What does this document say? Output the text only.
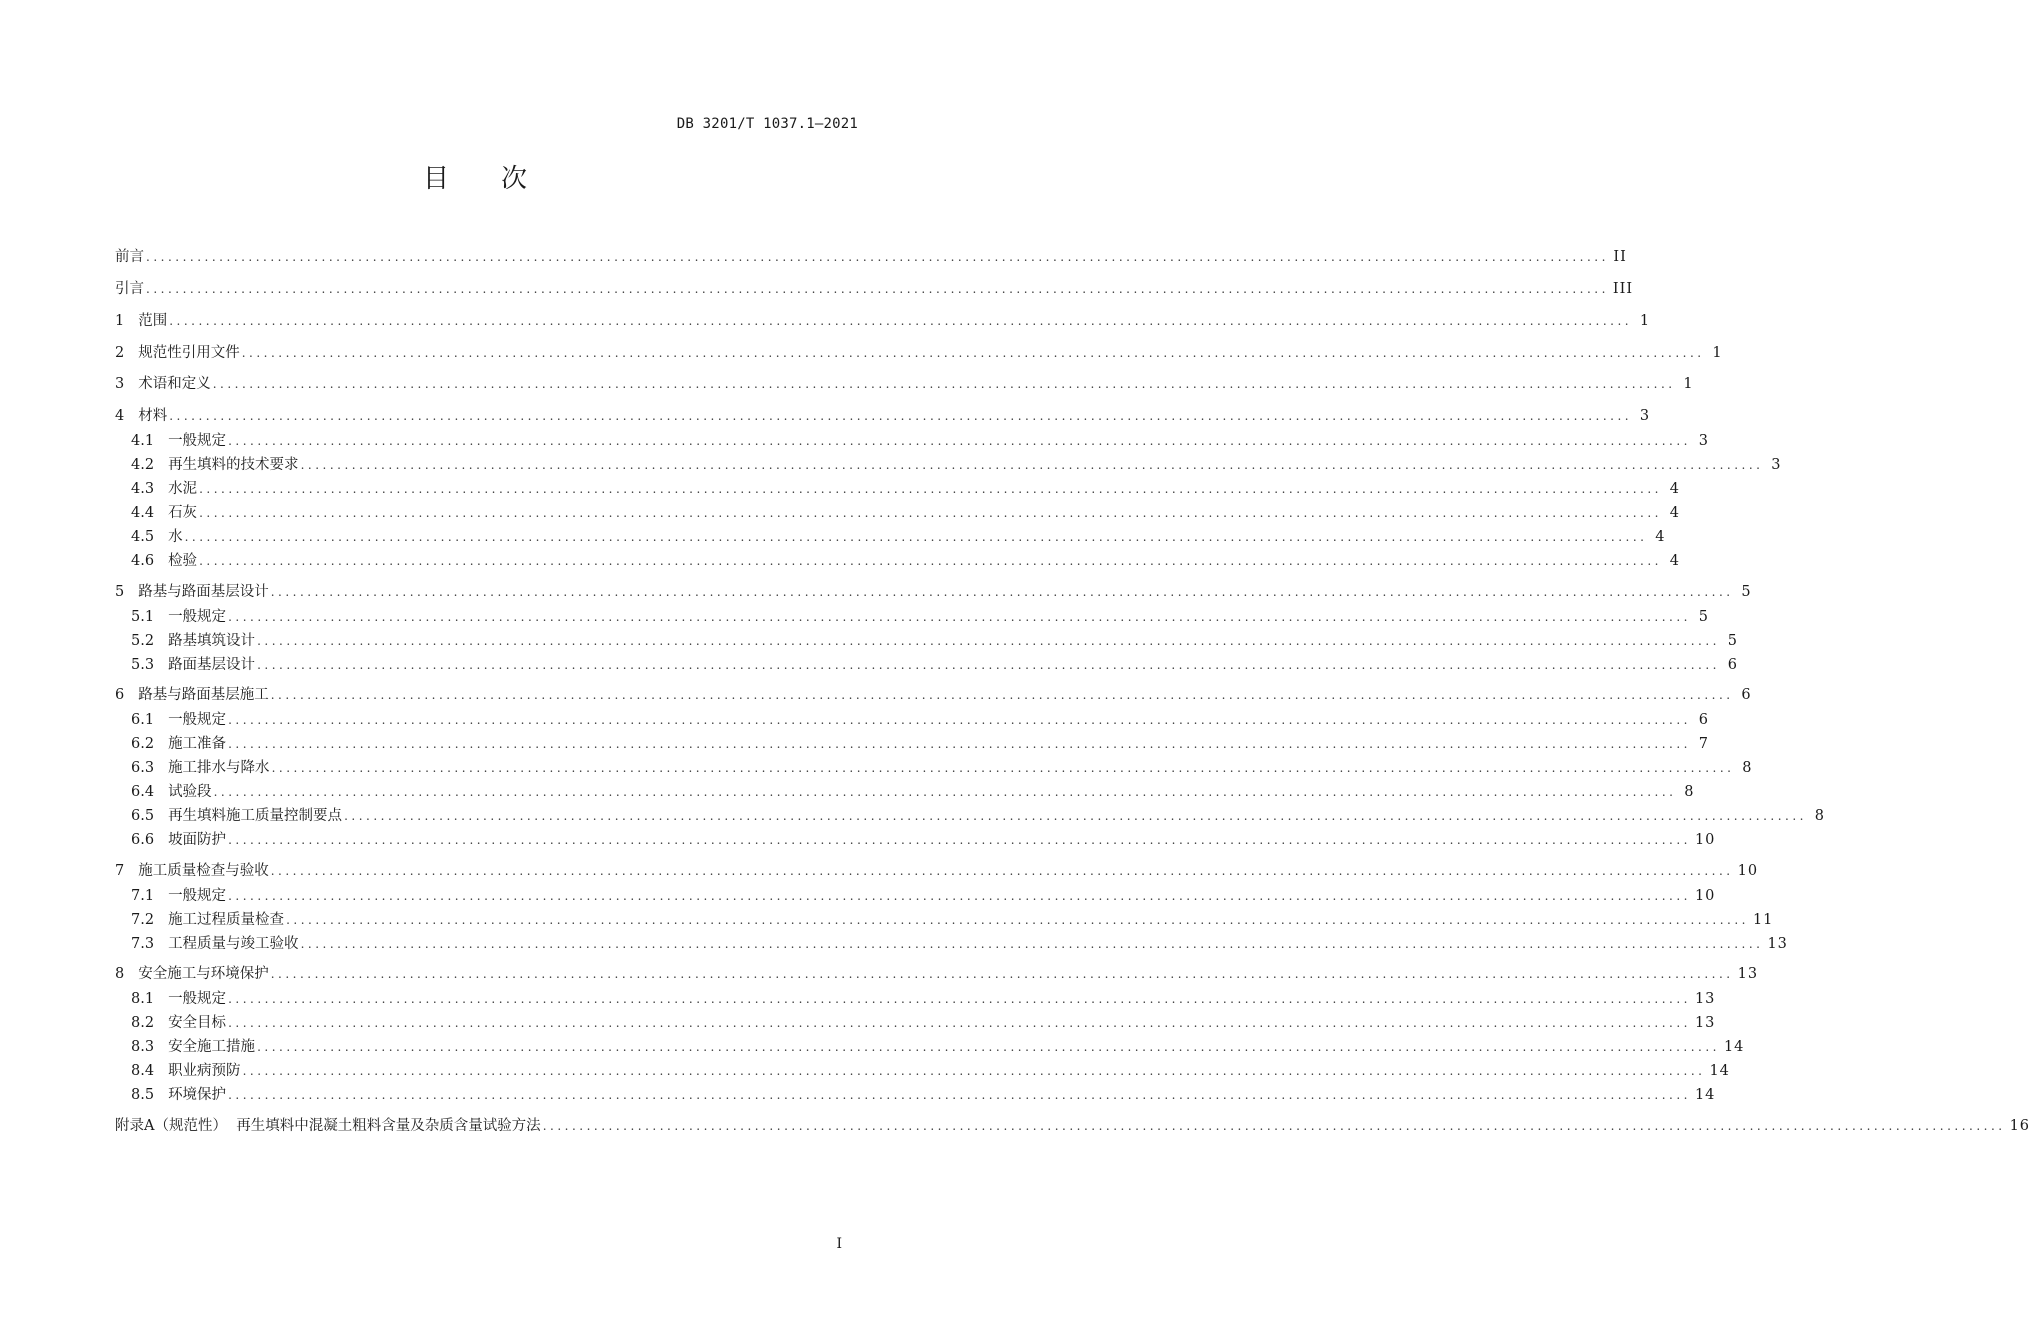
DB 3201/T 1037.1—2021
目次
前言 ........................................................................................................................................................................................................ II
引言 ........................................................................................................................................................................................................ III
1 范围 ........................................................................................................................................................................................................ 1
2 规范性引用文件 ........................................................................................................................................................................................................ 1
3 术语和定义 ........................................................................................................................................................................................................ 1
4 材料 ........................................................................................................................................................................................................ 3
4.1 一般规定 ........................................................................................................................................................................................................ 3
4.2 再生填料的技术要求 ........................................................................................................................................................................................................ 3
4.3 水泥 ........................................................................................................................................................................................................ 4
4.4 石灰 ........................................................................................................................................................................................................ 4
4.5 水 ........................................................................................................................................................................................................ 4
4.6 检验 ........................................................................................................................................................................................................ 4
5 路基与路面基层设计 ........................................................................................................................................................................................................ 5
5.1 一般规定 ........................................................................................................................................................................................................ 5
5.2 路基填筑设计 ........................................................................................................................................................................................................ 5
5.3 路面基层设计 ........................................................................................................................................................................................................ 6
6 路基与路面基层施工 ........................................................................................................................................................................................................ 6
6.1 一般规定 ........................................................................................................................................................................................................ 6
6.2 施工准备 ........................................................................................................................................................................................................ 7
6.3 施工排水与降水 ........................................................................................................................................................................................................ 8
6.4 试验段 ........................................................................................................................................................................................................ 8
6.5 再生填料施工质量控制要点 ........................................................................................................................................................................................................ 8
6.6 坡面防护 ........................................................................................................................................................................................................ 10
7 施工质量检查与验收 ........................................................................................................................................................................................................ 10
7.1 一般规定 ........................................................................................................................................................................................................ 10
7.2 施工过程质量检查 ........................................................................................................................................................................................................ 11
7.3 工程质量与竣工验收 ........................................................................................................................................................................................................ 13
8 安全施工与环境保护 ........................................................................................................................................................................................................ 13
8.1 一般规定 ........................................................................................................................................................................................................ 13
8.2 安全目标 ........................................................................................................................................................................................................ 13
8.3 安全施工措施 ........................................................................................................................................................................................................ 14
8.4 职业病预防 ........................................................................................................................................................................................................ 14
8.5 环境保护 ........................................................................................................................................................................................................ 14
附录A（规范性）  再生填料中混凝土粗料含量及杂质含量试验方法 ........................................................................................................................................................................................................ 16
I
